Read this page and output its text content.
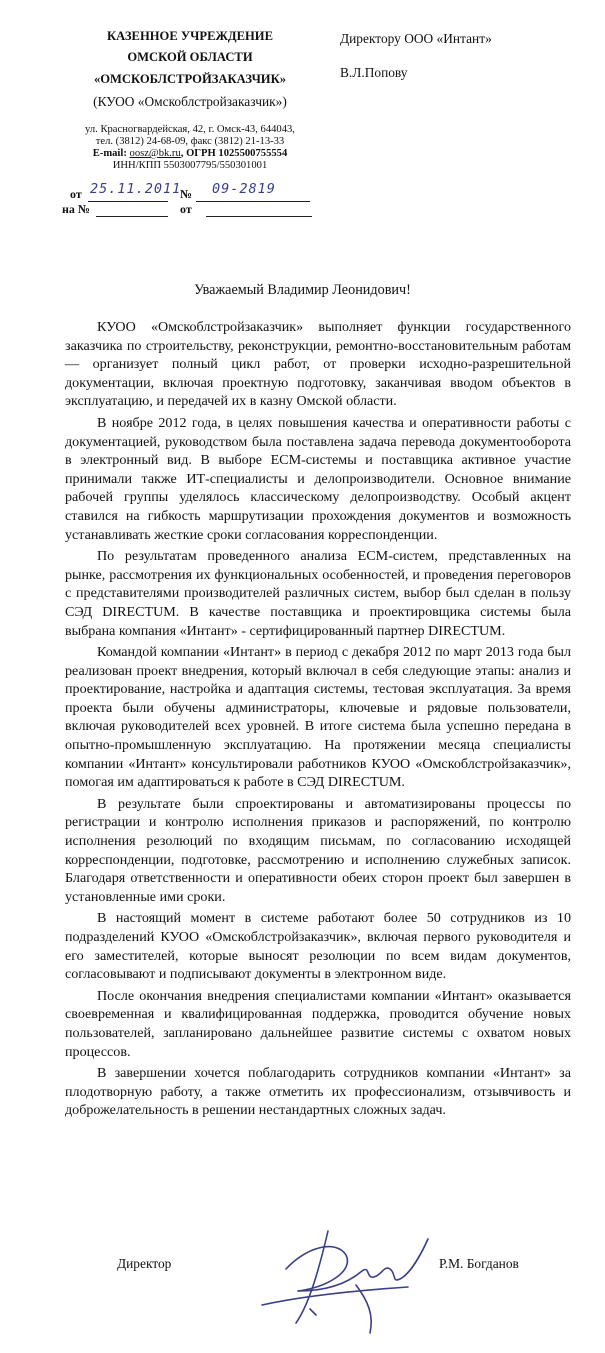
КАЗЕННОЕ УЧРЕЖДЕНИЕ
ОМСКОЙ ОБЛАСТИ
«ОМСКОБЛСТРОЙЗАКАЗЧИК»
(КУОО «Омскоблстройзаказчик»)
ул. Красногвардейская, 42, г. Омск-43, 644043,
тел. (3812) 24-68-09, факс (3812) 21-13-33
E-mail: oosz@bk.ru, ОГРН 1025500755554
ИНН/КПП 5503007795/550301001
от 25.11.2011
№ 09-2819
на №	от
Директору ООО «Интант»
В.Л.Попову
Уважаемый Владимир Леонидович!

КУОО «Омскоблстройзаказчик» выполняет функции государственного заказчика по строительству, реконструкции, ремонтно-восстановительным работам — организует полный цикл работ, от проверки исходно-разрешительной документации, включая проектную подготовку, заканчивая вводом объектов в эксплуатацию, и передачей их в казну Омской области.

В ноябре 2012 года, в целях повышения качества и оперативности работы с документацией, руководством была поставлена задача перевода документооборота в электронный вид. В выборе ЕСМ-системы и поставщика активное участие принимали также ИТ-специалисты и делопроизводители. Основное внимание рабочей группы уделялось классическому делопроизводству. Особый акцент ставился на гибкость маршрутизации прохождения документов и возможность устанавливать жесткие сроки согласования корреспонденции.

По результатам проведенного анализа ЕСМ-систем, представленных на рынке, рассмотрения их функциональных особенностей, и проведения переговоров с представителями производителей различных систем, выбор был сделан в пользу СЭД DIRECTUM. В качестве поставщика и проектировщика системы была выбрана компания «Интант» - сертифицированный партнер DIRECTUM.

Командой компании «Интант» в период с декабря 2012 по март 2013 года был реализован проект внедрения, который включал в себя следующие этапы: анализ и проектирование, настройка и адаптация системы, тестовая эксплуатация. За время проекта были обучены администраторы, ключевые и рядовые пользователи, включая руководителей всех уровней. В итоге система была успешно передана в опытно-промышленную эксплуатацию. На протяжении месяца специалисты компании «Интант» консультировали работников КУОО «Омскоблстройзаказчик», помогая им адаптироваться к работе в СЭД DIRECTUM.

В результате были спроектированы и автоматизированы процессы по регистрации и контролю исполнения приказов и распоряжений, по контролю исполнения резолюций по входящим письмам, по согласованию исходящей корреспонденции, подготовке, рассмотрению и исполнению служебных записок. Благодаря ответственности и оперативности обеих сторон проект был завершен в установленные ими сроки.

В настоящий момент в системе работают более 50 сотрудников из 10 подразделений КУОО «Омскоблстройзаказчик», включая первого руководителя и его заместителей, которые выносят резолюции по всем видам документов, согласовывают и подписывают документы в электронном виде.

После окончания внедрения специалистами компании «Интант» оказывается своевременная и квалифицированная поддержка, проводится обучение новых пользователей, запланировано дальнейшее развитие системы с охватом новых процессов.

В завершении хочется поблагодарить сотрудников компании «Интант» за плодотворную работу, а также отметить их профессионализм, отзывчивость и доброжелательность в решении нестандартных сложных задач.

Директор	Р.М. Богданов
